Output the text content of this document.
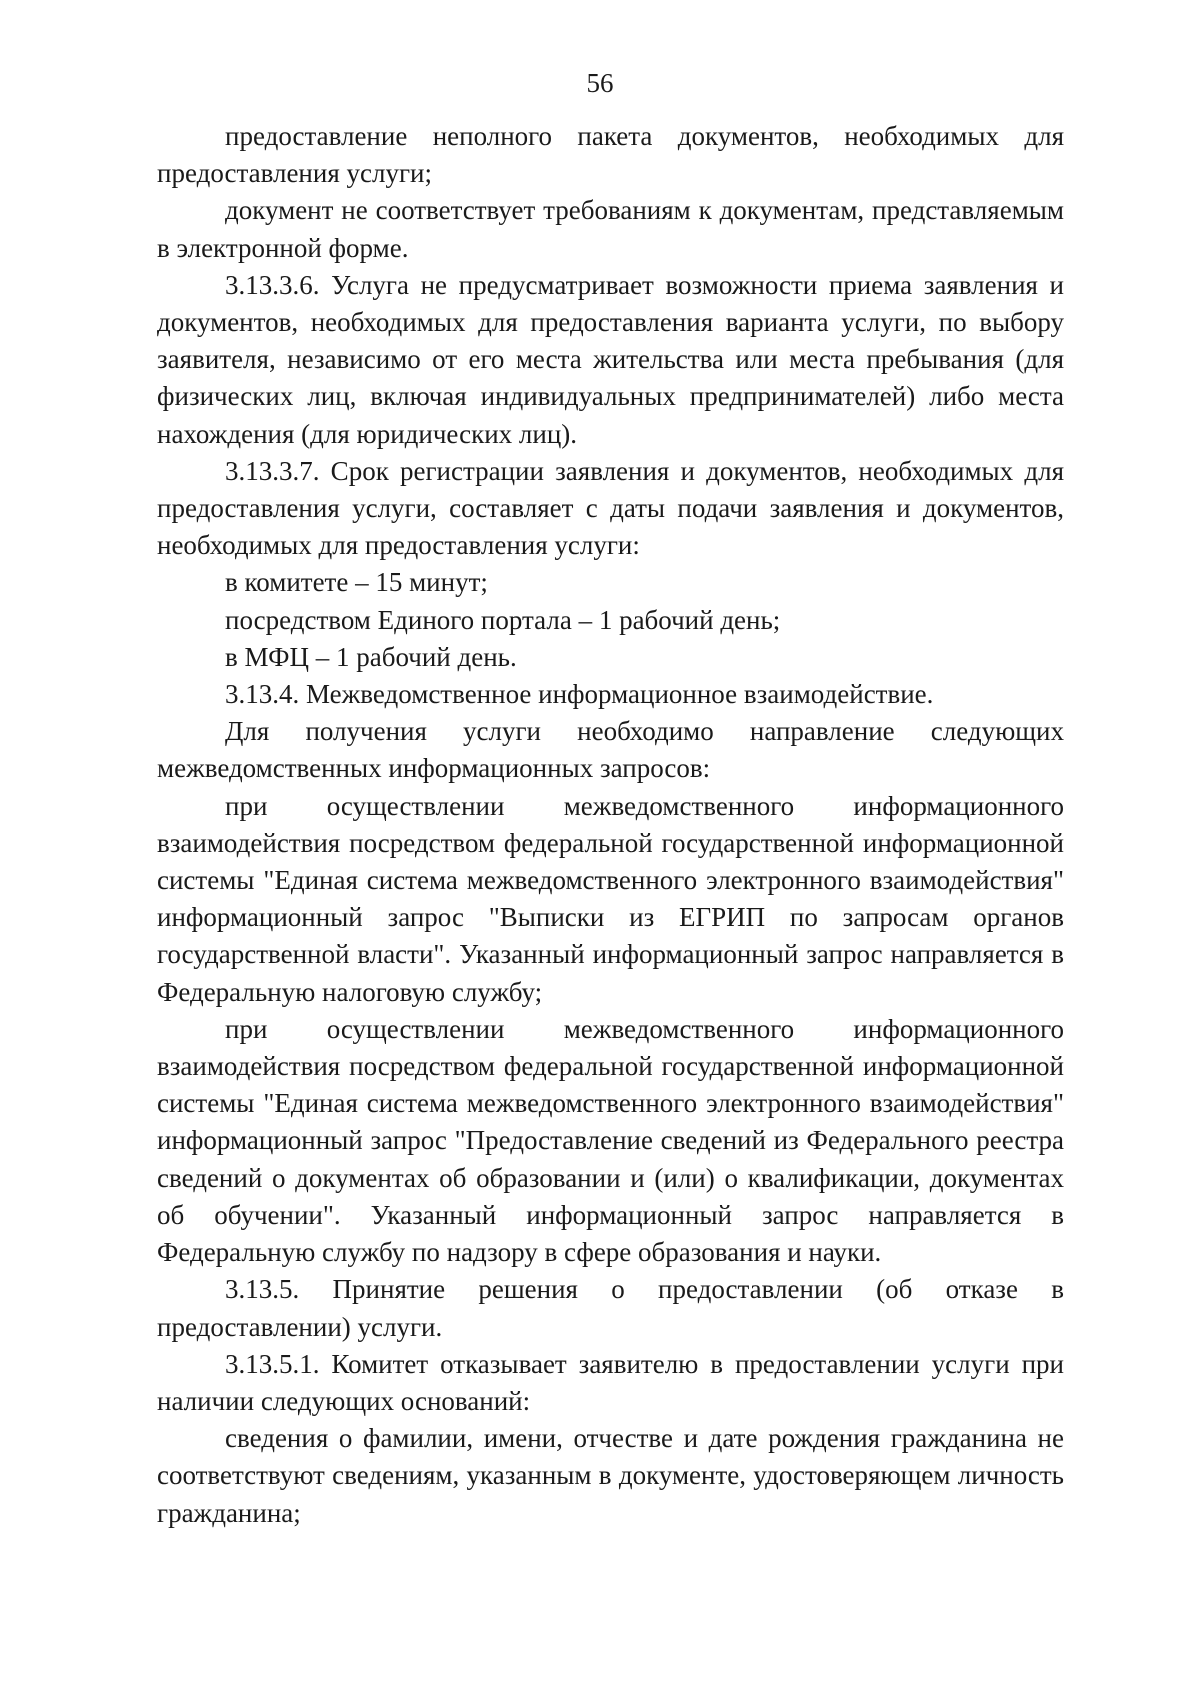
56

предоставление неполного пакета документов, необходимых для предоставления услуги;

документ не соответствует требованиям к документам, представляемым в электронной форме.

3.13.3.6. Услуга не предусматривает возможности приема заявления и документов, необходимых для предоставления варианта услуги, по выбору заявителя, независимо от его места жительства или места пребывания (для физических лиц, включая индивидуальных предпринимателей) либо места нахождения (для юридических лиц).

3.13.3.7. Срок регистрации заявления и документов, необходимых для предоставления услуги, составляет с даты подачи заявления и документов, необходимых для предоставления услуги:

в комитете – 15 минут;

посредством Единого портала – 1 рабочий день;

в МФЦ – 1 рабочий день.

3.13.4. Межведомственное информационное взаимодействие.

Для получения услуги необходимо направление следующих межведомственных информационных запросов:

при осуществлении межведомственного информационного взаимодействия посредством федеральной государственной информационной системы "Единая система межведомственного электронного взаимодействия" информационный запрос "Выписки из ЕГРИП по запросам органов государственной власти". Указанный информационный запрос направляется в Федеральную налоговую службу;

при осуществлении межведомственного информационного взаимодействия посредством федеральной государственной информационной системы "Единая система межведомственного электронного взаимодействия" информационный запрос "Предоставление сведений из Федерального реестра сведений о документах об образовании и (или) о квалификации, документах об обучении". Указанный информационный запрос направляется в Федеральную службу по надзору в сфере образования и науки.

3.13.5. Принятие решения о предоставлении (об отказе в предоставлении) услуги.

3.13.5.1. Комитет отказывает заявителю в предоставлении услуги при наличии следующих оснований:

сведения о фамилии, имени, отчестве и дате рождения гражданина не соответствуют сведениям, указанным в документе, удостоверяющем личность гражданина;
